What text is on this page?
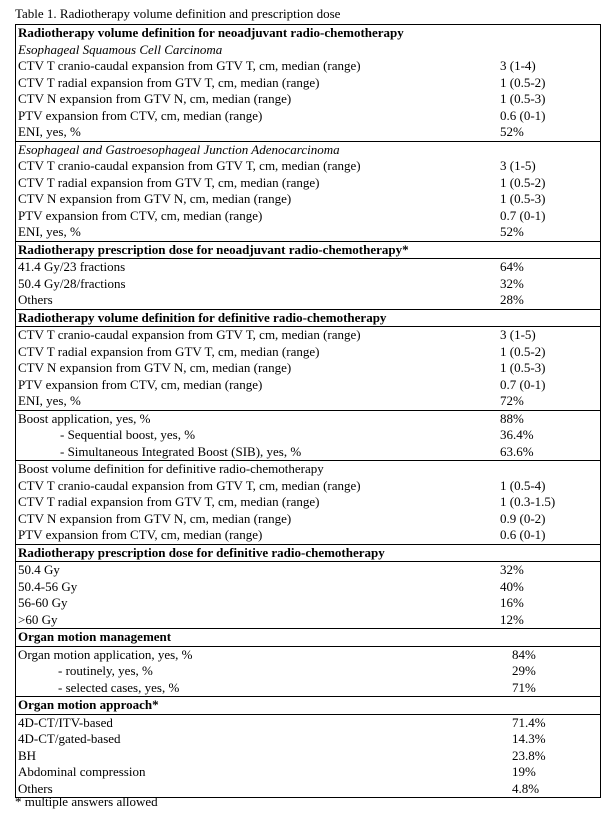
Table 1. Radiotherapy volume definition and prescription dose
Radiotherapy volume definition for neoadjuvant radio-chemotherapy
Esophageal Squamous Cell Carcinoma
CTV T cranio-caudal expansion from GTV T, cm, median (range)	3 (1-4)
CTV T radial expansion from GTV T, cm, median (range)	1 (0.5-2)
CTV N expansion from GTV N, cm, median (range)	1 (0.5-3)
PTV expansion from CTV, cm, median (range)	0.6 (0-1)
ENI, yes, %	52%
Esophageal and Gastroesophageal Junction Adenocarcinoma
CTV T cranio-caudal expansion from GTV T, cm, median (range)	3 (1-5)
CTV T radial expansion from GTV T, cm, median (range)	1 (0.5-2)
CTV N expansion from GTV N, cm, median (range)	1 (0.5-3)
PTV expansion from CTV, cm, median (range)	0.7 (0-1)
ENI, yes, %	52%
Radiotherapy prescription dose for neoadjuvant radio-chemotherapy*
41.4 Gy/23 fractions	64%
50.4 Gy/28/fractions	32%
Others	28%
Radiotherapy volume definition for definitive radio-chemotherapy
CTV T cranio-caudal expansion from GTV T, cm, median (range)	3 (1-5)
CTV T radial expansion from GTV T, cm, median (range)	1 (0.5-2)
CTV N expansion from GTV N, cm, median (range)	1 (0.5-3)
PTV expansion from CTV, cm, median (range)	0.7 (0-1)
ENI, yes, %	72%
Boost application, yes, %	88%
- Sequential boost, yes, %	36.4%
- Simultaneous Integrated Boost (SIB), yes, %	63.6%
Boost volume definition for definitive radio-chemotherapy
CTV T cranio-caudal expansion from GTV T, cm, median (range)	1 (0.5-4)
CTV T radial expansion from GTV T, cm, median (range)	1 (0.3-1.5)
CTV N expansion from GTV N, cm, median (range)	0.9 (0-2)
PTV expansion from CTV, cm, median (range)	0.6 (0-1)
Radiotherapy prescription dose for definitive radio-chemotherapy
50.4 Gy	32%
50.4-56 Gy	40%
56-60 Gy	16%
>60 Gy	12%
Organ motion management
Organ motion application, yes, %	84%
- routinely, yes, %	29%
- selected cases, yes, %	71%
Organ motion approach*
4D-CT/ITV-based	71.4%
4D-CT/gated-based	14.3%
BH	23.8%
Abdominal compression	19%
Others	4.8%
* multiple answers allowed
